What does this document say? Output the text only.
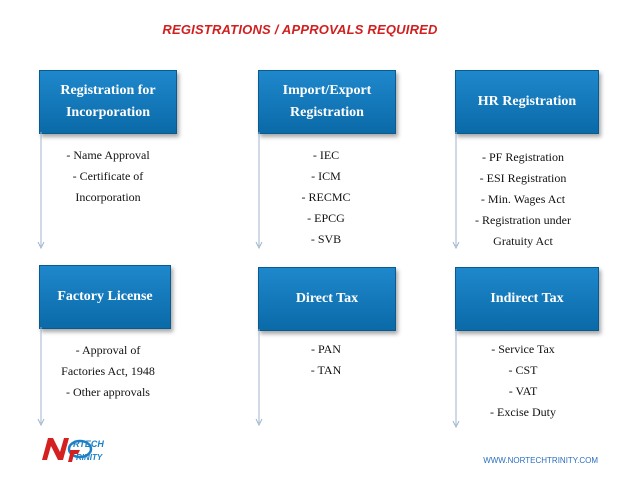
REGISTRATIONS / APPROVALS REQUIRED
Registration for
Incorporation
- Name Approval
- Certificate of
Incorporation
Import/Export
Registration
- IEC
- ICM
- RECMC
- EPCG
- SVB
HR Registration
- PF Registration
- ESI Registration
- Min. Wages Act
- Registration under
Gratuity Act
Factory License
- Approval of
Factories Act, 1948
- Other approvals
Direct Tax
- PAN
- TAN
Indirect Tax
- Service Tax
- CST
- VAT
- Excise Duty
RTECH
RINITY	WWW.NORTECHTRINITY.COM
